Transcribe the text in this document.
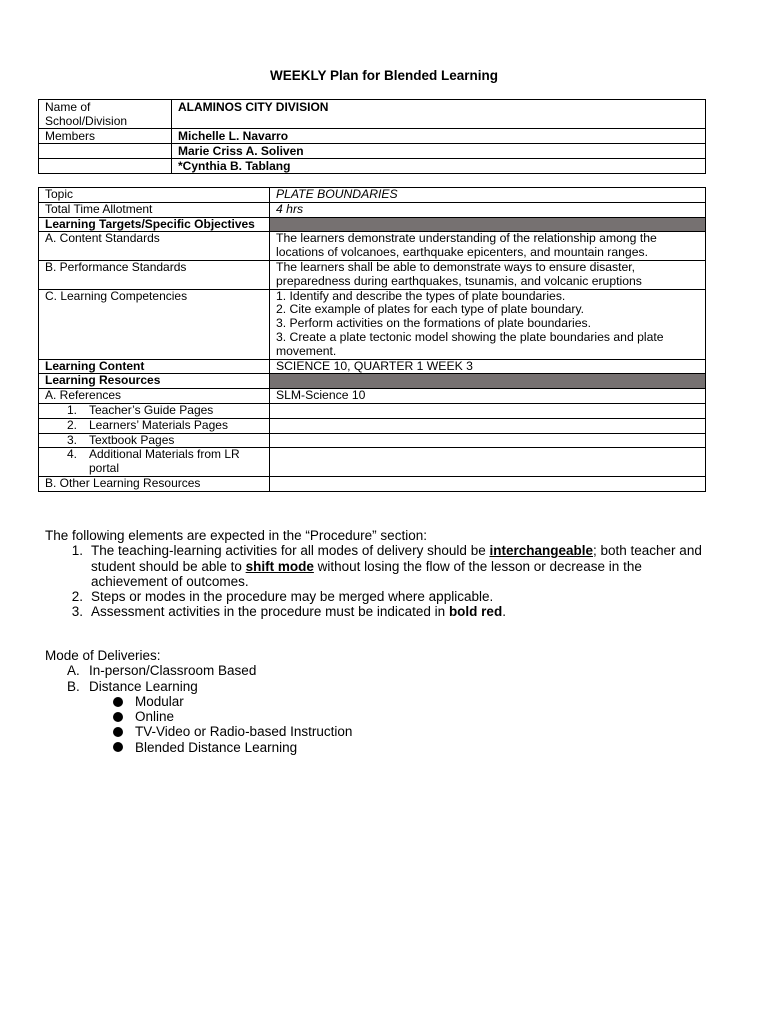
WEEKLY Plan for Blended Learning
Name of School/Division	ALAMINOS CITY DIVISION
Members	Michelle L. Navarro
	Marie Criss A. Soliven
	*Cynthia B. Tablang
Topic	PLATE BOUNDARIES
Total Time Allotment	4 hrs
Learning Targets/Specific Objectives	
A. Content Standards	The learners demonstrate understanding of the relationship among the locations of volcanoes, earthquake epicenters, and mountain ranges.
B. Performance Standards	The learners shall be able to demonstrate ways to ensure disaster, preparedness during earthquakes, tsunamis, and volcanic eruptions
C. Learning Competencies	1. Identify and describe the types of plate boundaries.
2. Cite example of plates for each type of plate boundary.
3. Perform activities on the formations of plate boundaries.
3. Create a plate tectonic model showing the plate boundaries and plate movement.

Learning Content	SCIENCE 10, QUARTER 1 WEEK 3
Learning Resources	
A. References	SLM-Science 10

1. Teacher’s Guide Pages	

2. Learners’ Materials Pages	

3. Textbook Pages	

4. Additional Materials from LR portal	

B. Other Learning Resources	
The following elements are expected in the “Procedure” section:
1. The teaching-learning activities for all modes of delivery should be interchangeable; both teacher and student should be able to shift mode without losing the flow of the lesson or decrease in the achievement of outcomes.
2. Steps or modes in the procedure may be merged where applicable.
3. Assessment activities in the procedure must be indicated in bold red.
Mode of Deliveries:
A. In-person/Classroom Based
B. Distance Learning
Modular
Online
TV-Video or Radio-based Instruction
Blended Distance Learning
